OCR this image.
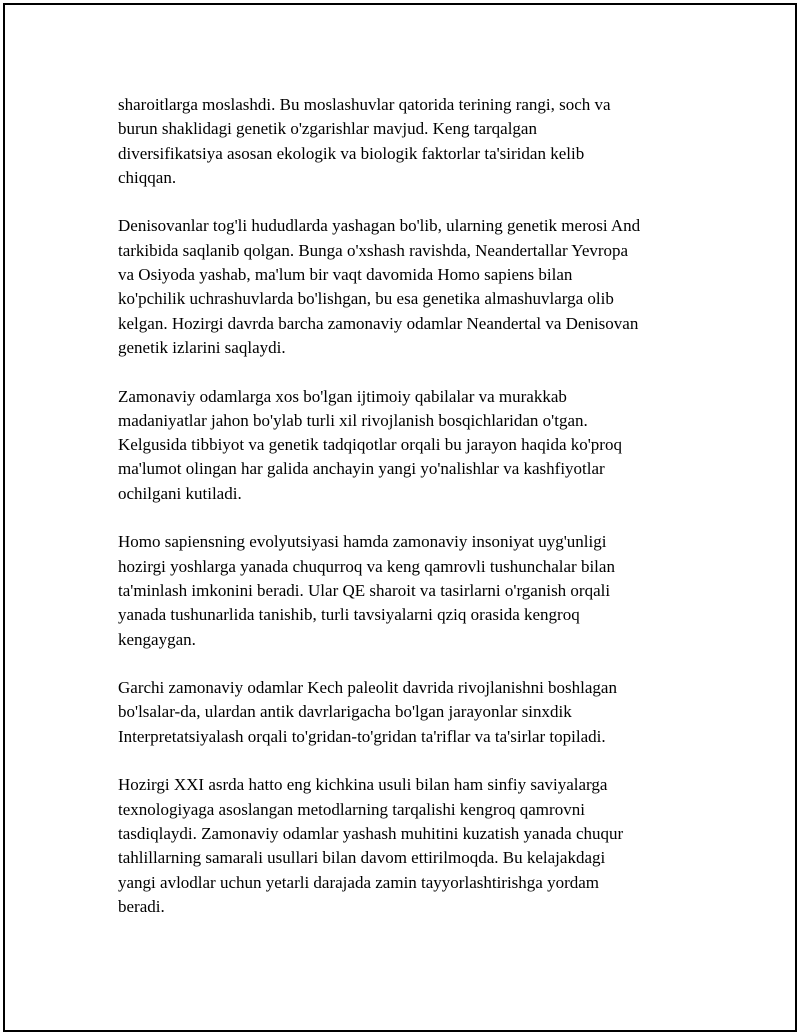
sharoitlarga moslashdi. Bu moslashuvlar qatorida terining rangi, soch va
burun shaklidagi genetik o'zgarishlar mavjud. Keng tarqalgan
diversifikatsiya asosan ekologik va biologik faktorlar ta'siridan kelib
chiqqan.

Denisovanlar tog'li hududlarda yashagan bo'lib, ularning genetik merosi And
tarkibida saqlanib qolgan. Bunga o'xshash ravishda, Neandertallar Yevropa
va Osiyoda yashab, ma'lum bir vaqt davomida Homo sapiens bilan
ko'pchilik uchrashuvlarda bo'lishgan, bu esa genetika almashuvlarga olib
kelgan. Hozirgi davrda barcha zamonaviy odamlar Neandertal va Denisovan
genetik izlarini saqlaydi.

Zamonaviy odamlarga xos bo'lgan ijtimoiy qabilalar va murakkab
madaniyatlar jahon bo'ylab turli xil rivojlanish bosqichlaridan o'tgan.
Kelgusida tibbiyot va genetik tadqiqotlar orqali bu jarayon haqida ko'proq
ma'lumot olingan har galida anchayin yangi yo'nalishlar va kashfiyotlar
ochilgani kutiladi.

Homo sapiensning evolyutsiyasi hamda zamonaviy insoniyat uyg'unligi
hozirgi yoshlarga yanada chuqurroq va keng qamrovli tushunchalar bilan
ta'minlash imkonini beradi. Ular QE sharoit va tasirlarni o'rganish orqali
yanada tushunarlida tanishib, turli tavsiyalarni qziq orasida kengroq
kengaygan.

Garchi zamonaviy odamlar Kech paleolit davrida rivojlanishni boshlagan
bo'lsalar-da, ulardan antik davrlarigacha bo'lgan jarayonlar sinxdik
Interpretatsiyalash orqali to'gridan-to'gridan ta'riflar va ta'sirlar topiladi.

Hozirgi XXI asrda hatto eng kichkina usuli bilan ham sinfiy saviyalarga
texnologiyaga asoslangan metodlarning tarqalishi kengroq qamrovni
tasdiqlaydi. Zamonaviy odamlar yashash muhitini kuzatish yanada chuqur
tahlillarning samarali usullari bilan davom ettirilmoqda. Bu kelajakdagi
yangi avlodlar uchun yetarli darajada zamin tayyorlashtirishga yordam
beradi.
